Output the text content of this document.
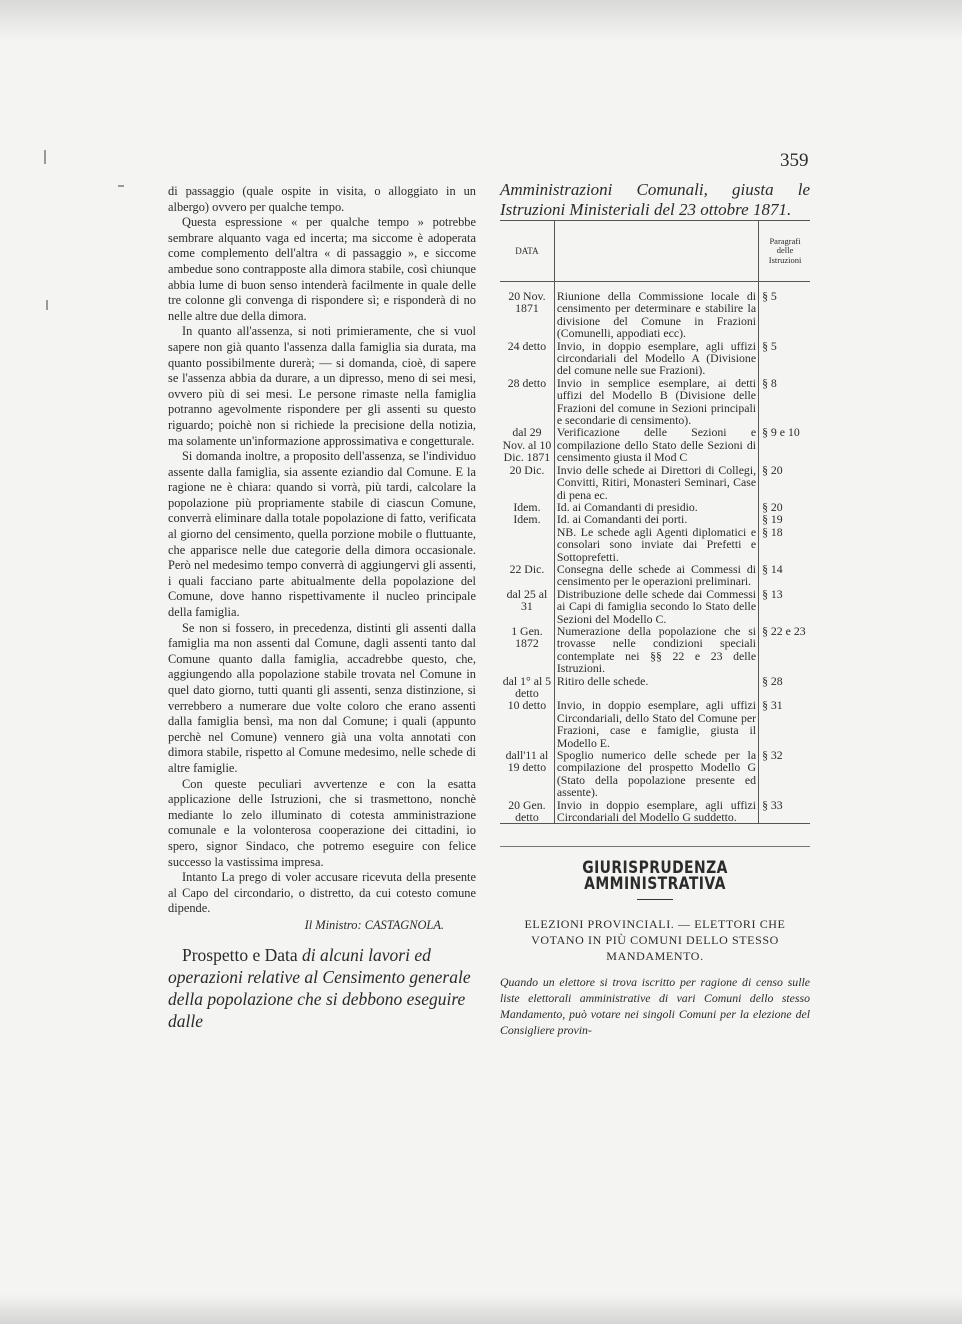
359

di passaggio (quale ospite in visita, o alloggiato in un albergo) ovvero per qualche tempo.

Questa espressione « per qualche tempo » potrebbe sembrare alquanto vaga ed incerta; ma siccome è adoperata come complemento dell'altra « di passaggio », e siccome ambedue sono contrapposte alla dimora stabile, così chiunque abbia lume di buon senso intenderà facilmente in quale delle tre colonne gli convenga di rispondere sì; e risponderà di no nelle altre due della dimora.

In quanto all'assenza, si noti primieramente, che si vuol sapere non già quanto l'assenza dalla famiglia sia durata, ma quanto possibilmente durerà; — si domanda, cioè, di sapere se l'assenza abbia da durare, a un dipresso, meno di sei mesi, ovvero più di sei mesi. Le persone rimaste nella famiglia potranno agevolmente rispondere per gli assenti su questo riguardo; poichè non si richiede la precisione della notizia, ma solamente un'informazione approssimativa e congetturale.

Si domanda inoltre, a proposito dell'assenza, se l'individuo assente dalla famiglia, sia assente eziandio dal Comune. E la ragione ne è chiara: quando si vorrà, più tardi, calcolare la popolazione più propriamente stabile di ciascun Comune, converrà eliminare dalla totale popolazione di fatto, verificata al giorno del censimento, quella porzione mobile o fluttuante, che apparisce nelle due categorie della dimora occasionale. Però nel medesimo tempo converrà di aggiungervi gli assenti, i quali facciano parte abitualmente della popolazione del Comune, dove hanno rispettivamente il nucleo principale della famiglia.

Se non si fossero, in precedenza, distinti gli assenti dalla famiglia ma non assenti dal Comune, dagli assenti tanto dal Comune quanto dalla famiglia, accadrebbe questo, che, aggiungendo alla popolazione stabile trovata nel Comune in quel dato giorno, tutti quanti gli assenti, senza distinzione, si verrebbero a numerare due volte coloro che erano assenti dalla famiglia bensì, ma non dal Comune; i quali (appunto perchè nel Comune) vennero già una volta annotati con dimora stabile, rispetto al Comune medesimo, nelle schede di altre famiglie.

Con queste peculiari avvertenze e con la esatta applicazione delle Istruzioni, che si trasmettono, nonchè mediante lo zelo illuminato di cotesta amministrazione comunale e la volonterosa cooperazione dei cittadini, io spero, signor Sindaco, che potremo eseguire con felice successo la vastissima impresa.

Intanto La prego di voler accusare ricevuta della presente al Capo del circondario, o distretto, da cui cotesto comune dipende.

Il Ministro: CASTAGNOLA.

Prospetto e Data di alcuni lavori ed operazioni relative al Censimento generale della popolazione che si debbono eseguire dalle

Amministrazioni Comunali, giusta le Istruzioni Ministeriali del 23 ottobre 1871.

DATA		Paragrafi delle Istruzioni

20 Nov. 1871	Riunione della Commissione locale di censimento per determinare e stabilire la divisione del Comune in Frazioni (Comunelli, appodiati ecc).	§ 5
24 detto	Invio, in doppio esemplare, agli uffizi circondariali del Modello A (Divisione del comune nelle sue Frazioni).	§ 5
28 detto	Invio in semplice esemplare, ai detti uffizi del Modello B (Divisione delle Frazioni del comune in Sezioni principali e secondarie di censimento).	§ 8
dal 29 Nov. al 10 Dic. 1871	Verificazione delle Sezioni e compilazione dello Stato delle Sezioni di censimento giusta il Mod C	§ 9 e 10
20 Dic.	Invio delle schede ai Direttori di Collegi, Convitti, Ritiri, Monasteri Seminari, Case di pena ec.	§ 20
Idem.	Id. ai Comandanti di presidio.	§ 20
Idem.	Id. ai Comandanti dei porti.	§ 19
	NB. Le schede agli Agenti diplomatici e consolari sono inviate dai Prefetti e Sottoprefetti.	§ 18
22 Dic.	Consegna delle schede ai Commessi di censimento per le operazioni preliminari.	§ 14
dal 25 al 31	Distribuzione delle schede dai Commessi ai Capi di famiglia secondo lo Stato delle Sezioni del Modello C.	§ 13
1 Gen. 1872	Numerazione della popolazione che si trovasse nelle condizioni speciali contemplate nei §§ 22 e 23 delle Istruzioni.	§ 22 e 23
dal 1° al 5 detto	Ritiro delle schede.	§ 28
10 detto	Invio, in doppio esemplare, agli uffizi Circondariali, dello Stato del Comune per Frazioni, case e famiglie, giusta il Modello E.	§ 31
dall'11 al 19 detto	Spoglio numerico delle schede per la compilazione del prospetto Modello G (Stato della popolazione presente ed assente).	§ 32
20 Gen. detto	Invio in doppio esemplare, agli uffizi Circondariali del Modello G suddetto.	§ 33
GIURISPRUDENZA AMMINISTRATIVA
ELEZIONI PROVINCIALI. — ELETTORI CHE VOTANO IN PIÙ COMUNI DELLO STESSO MANDAMENTO.
Quando un elettore si trova iscritto per ragione di censo sulle liste elettorali amministrative di vari Comuni dello stesso Mandamento, può votare nei singoli Comuni per la elezione del Consigliere provin-
